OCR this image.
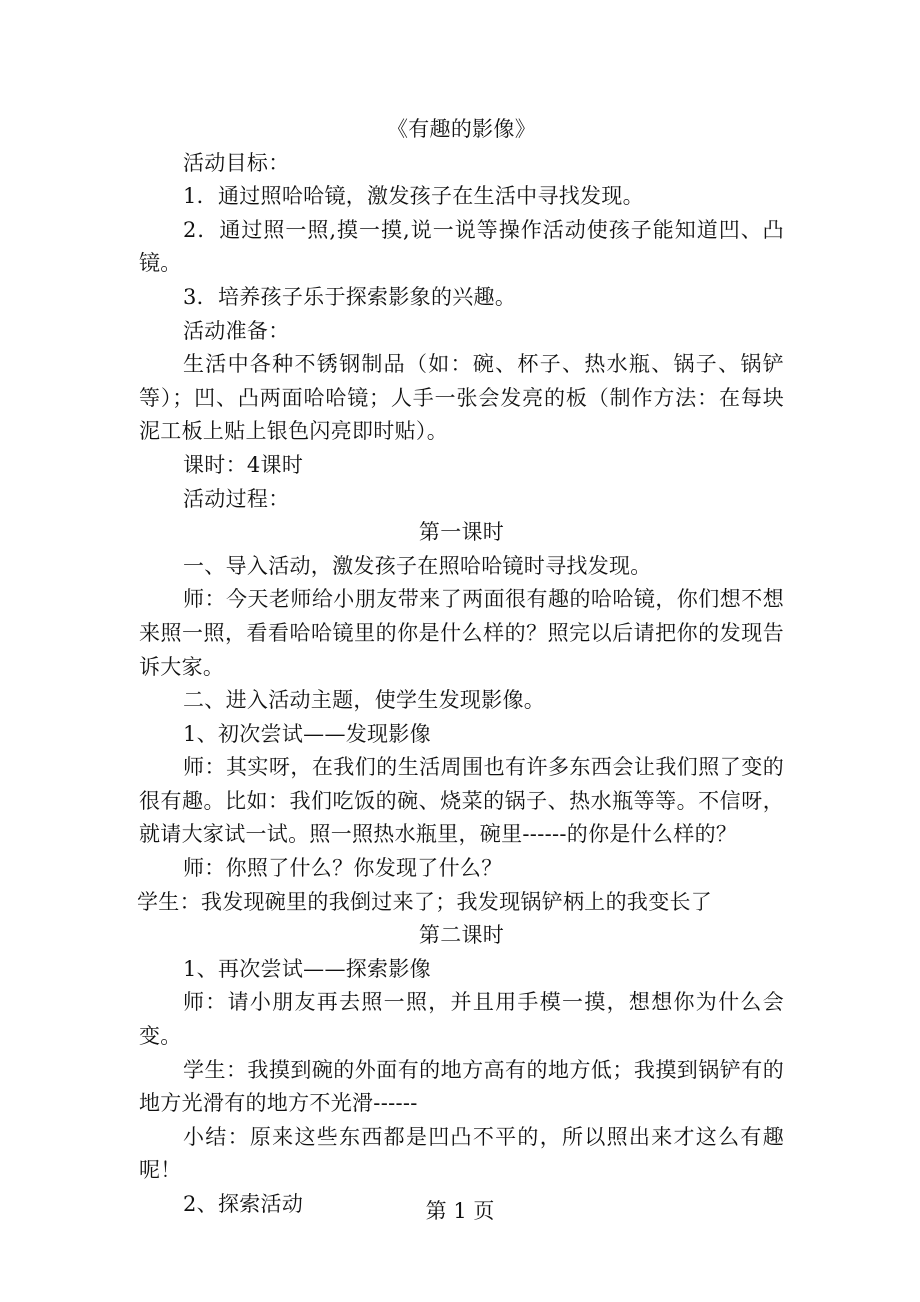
《有趣的影像》

活动目标：

1．通过照哈哈镜，激发孩子在生活中寻找发现。

2．通过照一照,摸一摸,说一说等操作活动使孩子能知道凹、凸镜。

3．培养孩子乐于探索影象的兴趣。

活动准备：

生活中各种不锈钢制品（如：碗、杯子、热水瓶、锅子、锅铲等）；凹、凸两面哈哈镜；人手一张会发亮的板（制作方法：在每块泥工板上贴上银色闪亮即时贴）。

课时：4课时

活动过程：

第一课时

一、导入活动，激发孩子在照哈哈镜时寻找发现。

师：今天老师给小朋友带来了两面很有趣的哈哈镜，你们想不想来照一照，看看哈哈镜里的你是什么样的？照完以后请把你的发现告诉大家。

二、进入活动主题，使学生发现影像。

1、初次尝试——发现影像

师：其实呀，在我们的生活周围也有许多东西会让我们照了变的很有趣。比如：我们吃饭的碗、烧菜的锅子、热水瓶等等。不信呀，就请大家试一试。照一照热水瓶里，碗里------的你是什么样的？

师：你照了什么？你发现了什么？

学生：我发现碗里的我倒过来了；我发现锅铲柄上的我变长了

第二课时

1、再次尝试——探索影像

师：请小朋友再去照一照，并且用手模一摸，想想你为什么会变。

学生：我摸到碗的外面有的地方高有的地方低；我摸到锅铲有的地方光滑有的地方不光滑------

小结：原来这些东西都是凹凸不平的，所以照出来才这么有趣呢！

2、探索活动	第 1 页
